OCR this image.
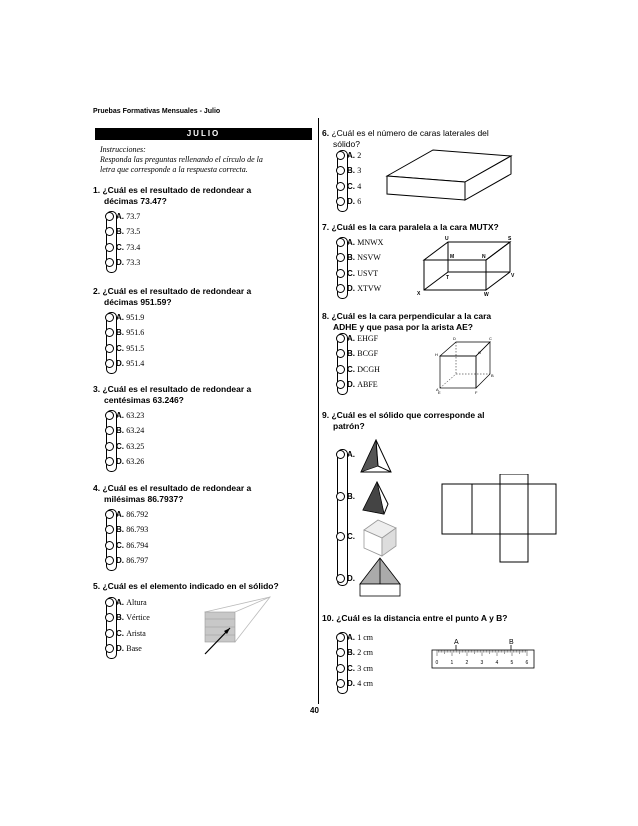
Pruebas Formativas Mensuales - Julio
JULIO
Instrucciones:
Responda las preguntas rellenando el círculo de la
letra que corresponde a la respuesta correcta.
1. ¿Cuál es el resultado de redondear a
décimas 73.47?
2. ¿Cuál es el resultado de redondear a
décimas 951.59?
3. ¿Cuál es el resultado de redondear a
centésimas 63.246?
4. ¿Cuál es el resultado de redondear a
milésimas 86.7937?
5. ¿Cuál es el elemento indicado en el sólido?
6. ¿Cuál es el número de caras laterales del
sólido?
7. ¿Cuál es la cara paralela a la cara MUTX?
8. ¿Cuál es la cara perpendicular a la cara
ADHE y que pasa por la arista AE?
9. ¿Cuál es el sólido que corresponde al
patrón?
10. ¿Cuál es la distancia entre el punto A y B?
A. 73.7
B. 73.5
C. 73.4
D. 73.3
A. 951.9
B. 951.6
C. 951.5
D. 951.4
A. 63.23
B. 63.24
C. 63.25
D. 63.26
A. 86.792
B. 86.793
C. 86.794
D. 86.797
A. Altura
B. Vértice
C. Arista
D. Base
A. 2
B. 3
C. 4
D. 6
A. MNWX
B. NSVW
C. USVT
D. XTVW
A. EHGF
B. BCGF
C. DCGH
D. ABFE
A.
B.
C.
D.
A. 1 cm
B. 2 cm
C. 3 cm
D. 4 cm
U	S
M	N
T
X
V
W
D	C
H	G
A
B
E	F
A	B
0 1 2 3 4 5 6
40
